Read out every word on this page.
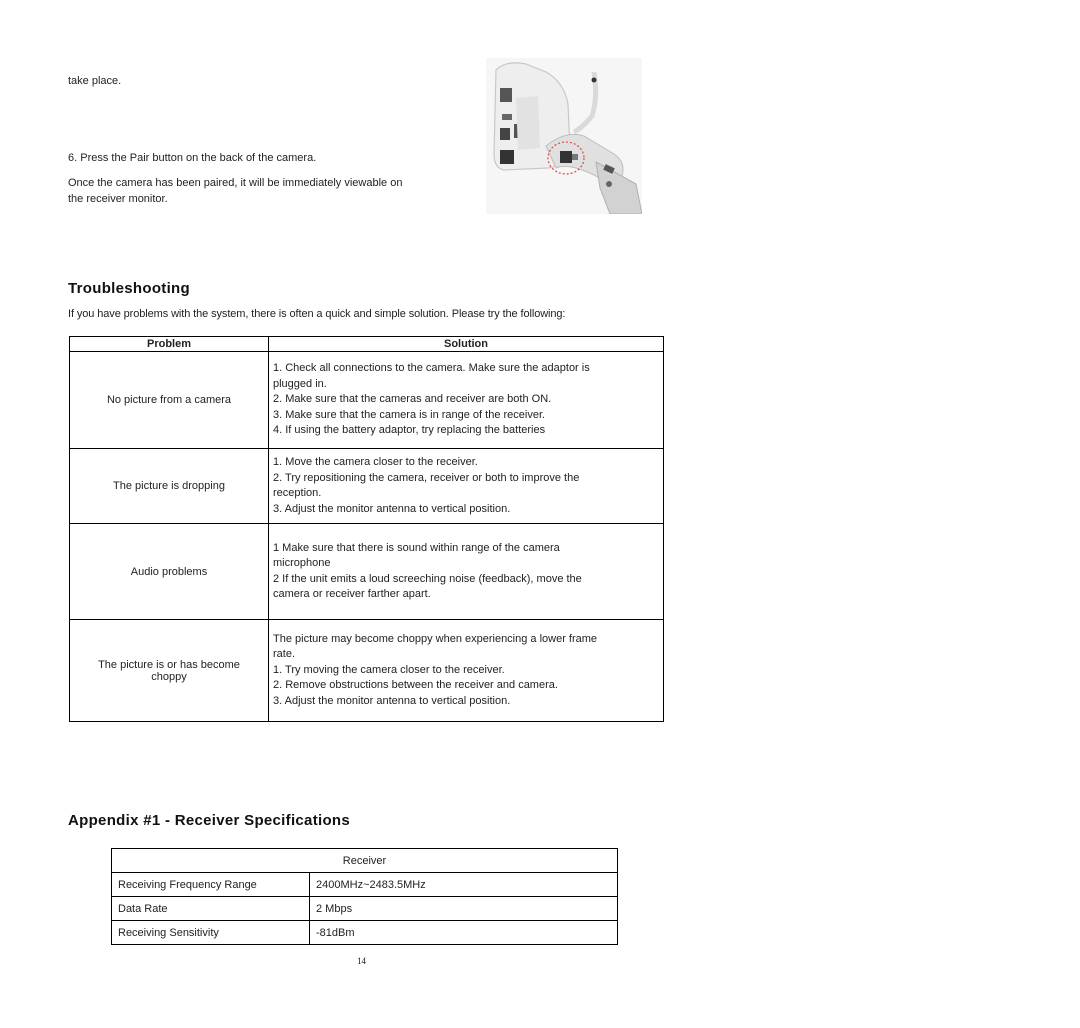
take place.
6. Press the Pair button on the back of the camera.
Once the camera has been paired, it will be immediately viewable on
the receiver monitor.
Troubleshooting
If you have problems with the system, there is often a quick and simple solution. Please try the following:
Problem	Solution
No picture from a camera	1. Check all connections to the camera. Make sure the adaptor is
plugged in.
2. Make sure that the cameras and receiver are both ON.
3. Make sure that the camera is in range of the receiver.
4. If using the battery adaptor, try replacing the batteries

The picture is dropping	1. Move the camera closer to the receiver.
2. Try repositioning the camera, receiver or both to improve the
reception.
3. Adjust the monitor antenna to vertical position.

Audio problems	1 Make sure that there is sound within range of the camera
microphone
2 If the unit emits a loud screeching noise (feedback), move the
camera or receiver farther apart.

The picture is or has become
choppy	The picture may become choppy when experiencing a lower frame
rate.
1. Try moving the camera closer to the receiver.
2. Remove obstructions between the receiver and camera.
3. Adjust the monitor antenna to vertical position.
Appendix #1 - Receiver Specifications
Receiver	
Receiving Frequency Range	2400MHz~2483.5MHz
Data Rate	2 Mbps
Receiving Sensitivity	-81dBm
14
